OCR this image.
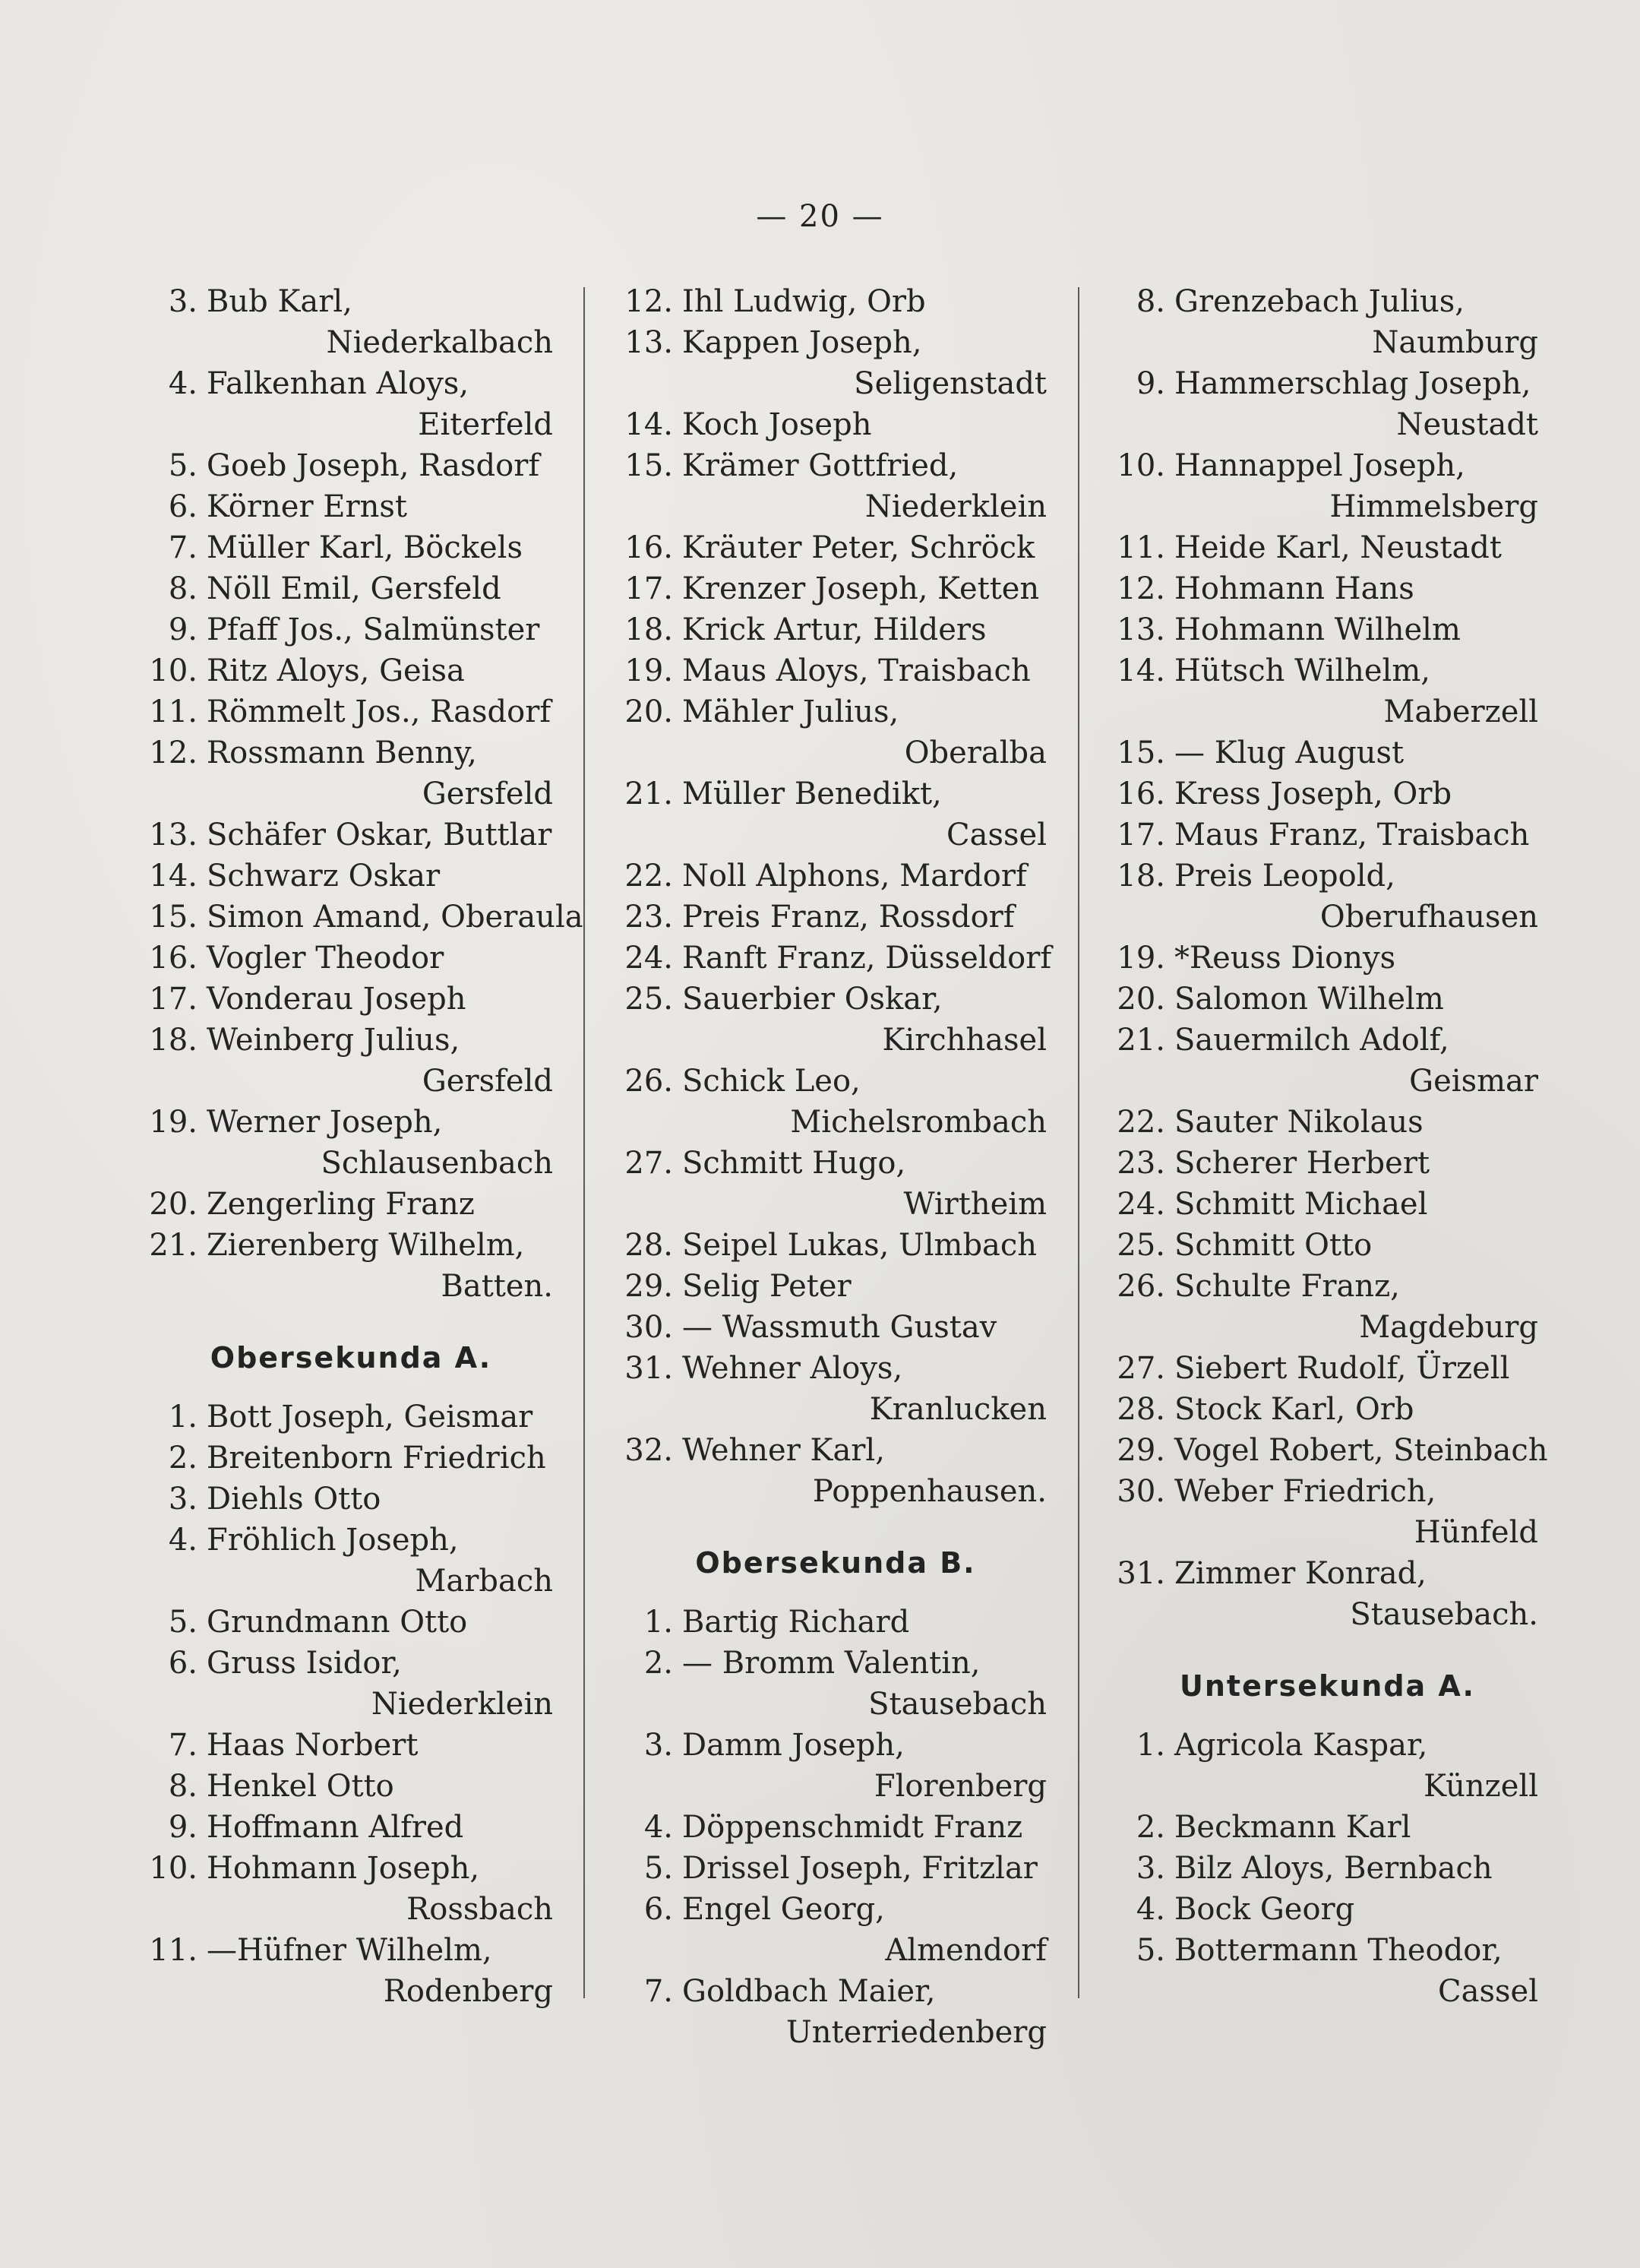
— 20 —
3. Bub Karl,
Niederkalbach
4. Falkenhan Aloys,
Eiterfeld
5. Goeb Joseph, Rasdorf
6. Körner Ernst
7. Müller Karl, Böckels
8. Nöll Emil, Gersfeld
9. Pfaff Jos., Salmünster
10. Ritz Aloys, Geisa
11. Römmelt Jos., Rasdorf
12. Rossmann Benny,
Gersfeld
13. Schäfer Oskar, Buttlar
14. Schwarz Oskar
15. Simon Amand, Oberaula
16. Vogler Theodor
17. Vonderau Joseph
18. Weinberg Julius,
Gersfeld
19. Werner Joseph,
Schlausenbach
20. Zengerling Franz
21. Zierenberg Wilhelm,
Batten.
Obersekunda A.
1. Bott Joseph, Geismar
2. Breitenborn Friedrich
3. Diehls Otto
4. Fröhlich Joseph,
Marbach
5. Grundmann Otto
6. Gruss Isidor,
Niederklein
7. Haas Norbert
8. Henkel Otto
9. Hoffmann Alfred
10. Hohmann Joseph,
Rossbach
11. —Hüfner Wilhelm,
Rodenberg
12. Ihl Ludwig, Orb
13. Kappen Joseph,
Seligenstadt
14. Koch Joseph
15. Krämer Gottfried,
Niederklein
16. Kräuter Peter, Schröck
17. Krenzer Joseph, Ketten
18. Krick Artur, Hilders
19. Maus Aloys, Traisbach
20. Mähler Julius,
Oberalba
21. Müller Benedikt,
Cassel
22. Noll Alphons, Mardorf
23. Preis Franz, Rossdorf
24. Ranft Franz, Düsseldorf
25. Sauerbier Oskar,
Kirchhasel
26. Schick Leo,
Michelsrombach
27. Schmitt Hugo,
Wirtheim
28. Seipel Lukas, Ulmbach
29. Selig Peter
30. — Wassmuth Gustav
31. Wehner Aloys,
Kranlucken
32. Wehner Karl,
Poppenhausen.
Obersekunda B.
1. Bartig Richard
2. — Bromm Valentin,
Stausebach
3. Damm Joseph,
Florenberg
4. Döppenschmidt Franz
5. Drissel Joseph, Fritzlar
6. Engel Georg,
Almendorf
7. Goldbach Maier,
Unterriedenberg
8. Grenzebach Julius,
Naumburg
9. Hammerschlag Joseph,
Neustadt
10. Hannappel Joseph,
Himmelsberg
11. Heide Karl, Neustadt
12. Hohmann Hans
13. Hohmann Wilhelm
14. Hütsch Wilhelm,
Maberzell
15. — Klug August
16. Kress Joseph, Orb
17. Maus Franz, Traisbach
18. Preis Leopold,
Oberufhausen
19. *Reuss Dionys
20. Salomon Wilhelm
21. Sauermilch Adolf,
Geismar
22. Sauter Nikolaus
23. Scherer Herbert
24. Schmitt Michael
25. Schmitt Otto
26. Schulte Franz,
Magdeburg
27. Siebert Rudolf, Ürzell
28. Stock Karl, Orb
29. Vogel Robert, Steinbach
30. Weber Friedrich,
Hünfeld
31. Zimmer Konrad,
Stausebach.
Untersekunda A.
1. Agricola Kaspar,
Künzell
2. Beckmann Karl
3. Bilz Aloys, Bernbach
4. Bock Georg
5. Bottermann Theodor,
Cassel
